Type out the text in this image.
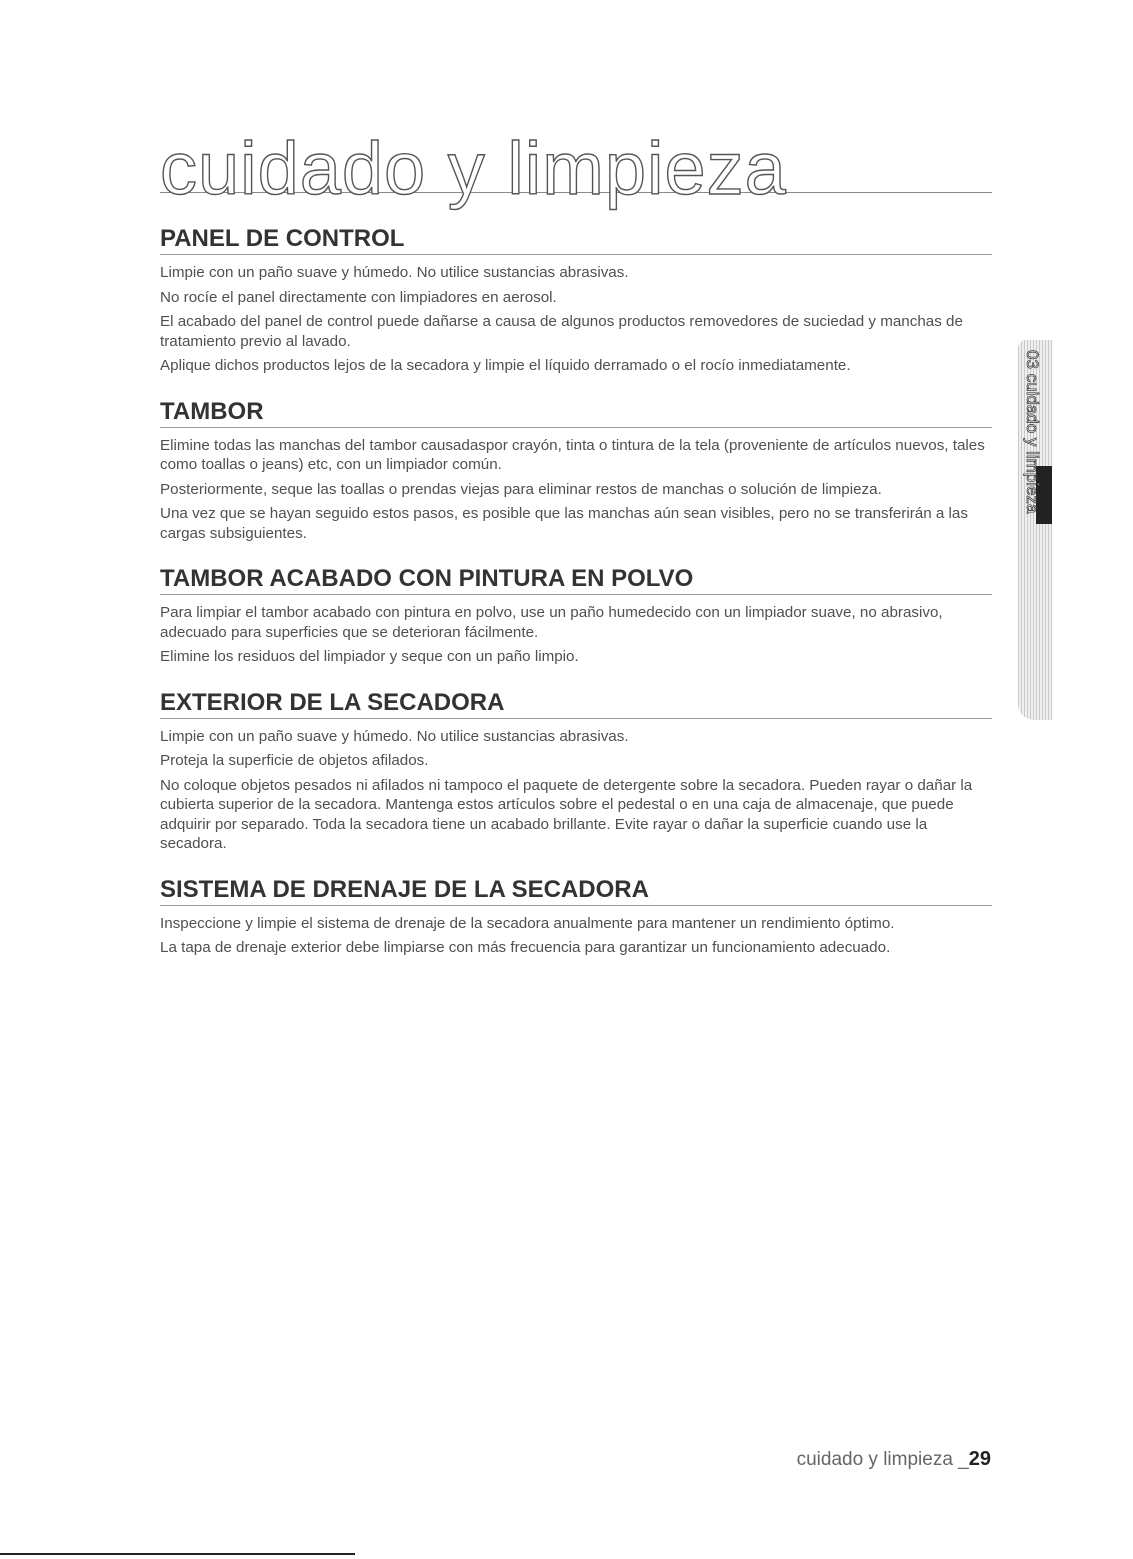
cuidado y limpieza
PANEL DE CONTROL

Limpie con un paño suave y húmedo. No utilice sustancias abrasivas.

No rocíe el panel directamente con limpiadores en aerosol.

El acabado del panel de control puede dañarse a causa de algunos productos removedores de suciedad y manchas de tratamiento previo al lavado.

Aplique dichos productos lejos de la secadora y limpie el líquido derramado o el rocío inmediatamente.

TAMBOR

Elimine todas las manchas del tambor causadaspor crayón, tinta o tintura de la tela (proveniente de artículos nuevos, tales como toallas o jeans) etc, con un limpiador común.

Posteriormente, seque las toallas o prendas viejas para eliminar restos de manchas o solución de limpieza.

Una vez que se hayan seguido estos pasos, es posible que las manchas aún sean visibles, pero no se transferirán a las cargas subsiguientes.

TAMBOR ACABADO CON PINTURA EN POLVO

Para limpiar el tambor acabado con pintura en polvo, use un paño humedecido con un limpiador suave, no abrasivo, adecuado para superficies que se deterioran fácilmente.

Elimine los residuos del limpiador y seque con un paño limpio.

EXTERIOR DE LA SECADORA

Limpie con un paño suave y húmedo. No utilice sustancias abrasivas.

Proteja la superficie de objetos afilados.

No coloque objetos pesados ni afilados ni tampoco el paquete de detergente sobre la secadora. Pueden rayar o dañar la cubierta superior de la secadora. Mantenga estos artículos sobre el pedestal o en una caja de almacenaje, que puede adquirir por separado. Toda la secadora tiene un acabado brillante. Evite rayar o dañar la superficie cuando use la secadora.

SISTEMA DE DRENAJE DE LA SECADORA

Inspeccione y limpie el sistema de drenaje de la secadora anualmente para mantener un rendimiento óptimo.

La tapa de drenaje exterior debe limpiarse con más frecuencia para garantizar un funcionamiento adecuado.

03 cuidado y limpieza
cuidado y limpieza _29
